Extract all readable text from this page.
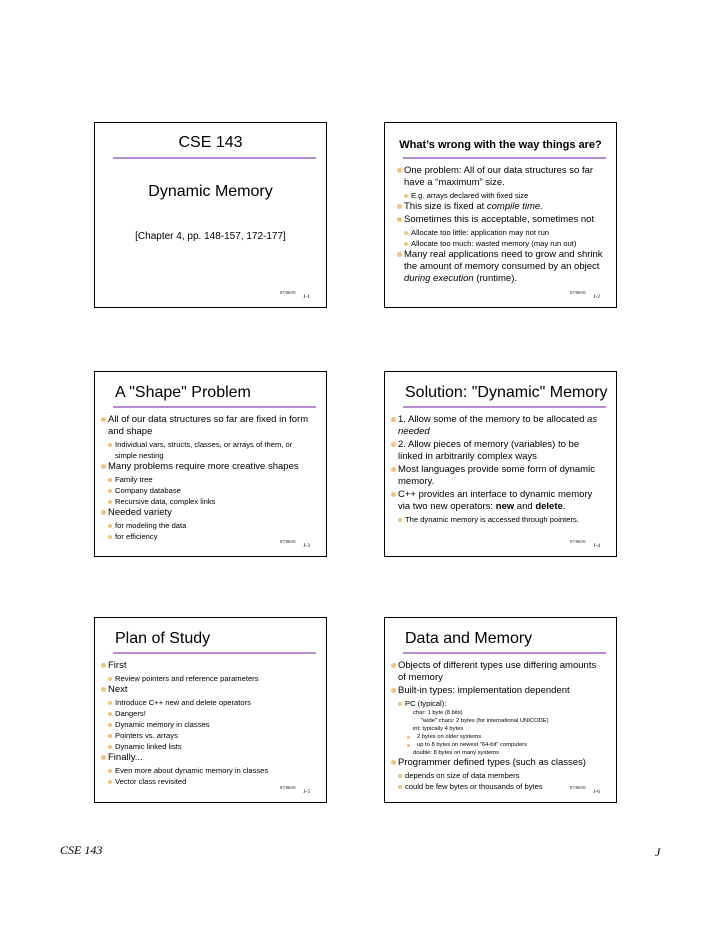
CSE 143
Dynamic Memory
[Chapter 4, pp. 148-157, 172-177]
07/06/01
J-1
What’s wrong with the way things are?
One problem: All of our data structures so far have a “maximum” size.
E.g. arrays declared with fixed size
This size is fixed at compile time.
Sometimes this is acceptable, sometimes not
Allocate too little: application may not run
Allocate too much: wasted memory (may run out)
Many real applications need to grow and shrink the amount of memory consumed by an object during execution (runtime).
07/06/01
J-2
A "Shape" Problem
All of our data structures so far are fixed in form and shape
Individual vars, structs, classes, or arrays of them, or simple nesting
Many problems require more creative shapes
Family tree
Company database
Recursive data, complex links
Needed variety
for modeling the data
for efficiency
07/06/01
J-3
Solution: "Dynamic" Memory
1. Allow some of the memory to be allocated as needed
2. Allow pieces of memory (variables) to be linked in arbitrarily complex ways
Most languages provide some form of dynamic memory.
C++ provides an interface to dynamic memory via two new operators: new and delete.
The dynamic memory is accessed through pointers.
07/06/01
J-4
Plan of Study
First
Review pointers and reference parameters
Next
Introduce C++ new and delete operators
Dangers!
Dynamic memory in classes
Pointers vs. arrays
Dynamic linked lists
Finally...
Even more about dynamic memory in classes
Vector class revisited
07/06/01
J-5
Data and Memory
Objects of different types use differing amounts of memory
Built-in types: implementation dependent
PC (typical):
char: 1 byte (8 bits)
"wide" chars: 2 bytes (for international UNICODE)
int: typically 4 bytes
2 bytes on older systems
up to 8 bytes on newest "64-bit" computers
double: 8 bytes on many systems
Programmer defined types (such as classes)
depends on size of data members
could be few bytes or thousands of bytes	07/06/01
J-6
CSE 143	J
